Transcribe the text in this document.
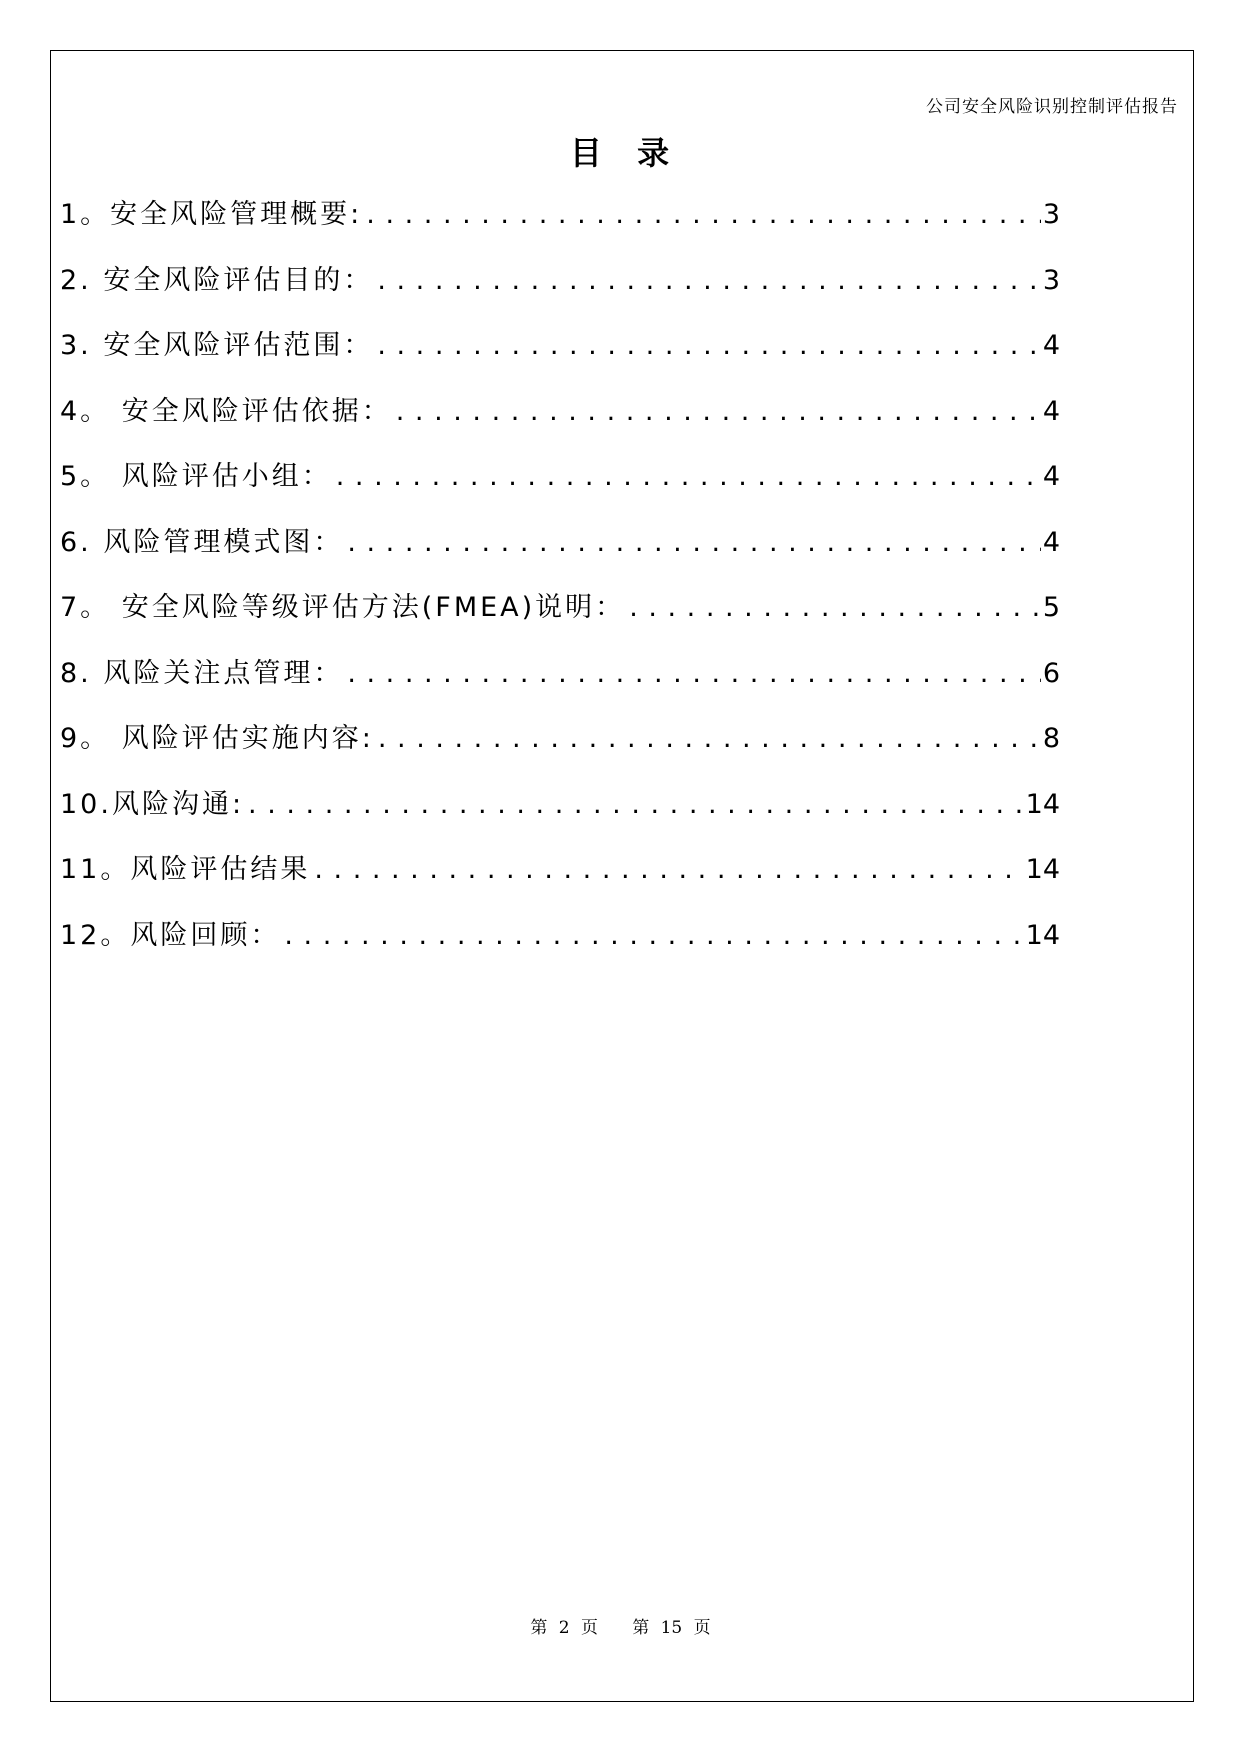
公司安全风险识别控制评估报告
目 录
1。安全风险管理概要: . . .	3
2. 安全风险评估目的： . . .	3
3. 安全风险评估范围： . . .	4
4。 安全风险评估依据： . . .	4
5。 风险评估小组： . . .	4
6. 风险管理模式图： . . .	4
7。 安全风险等级评估方法(FMEA)说明： . . .	5
8. 风险关注点管理： . . .	6
9。 风险评估实施内容: . . .	8
10.风险沟通: . . .	14
11。风险评估结果 . . .	14
12。风险回顾： . . .	14
第 2 页   第 15 页
